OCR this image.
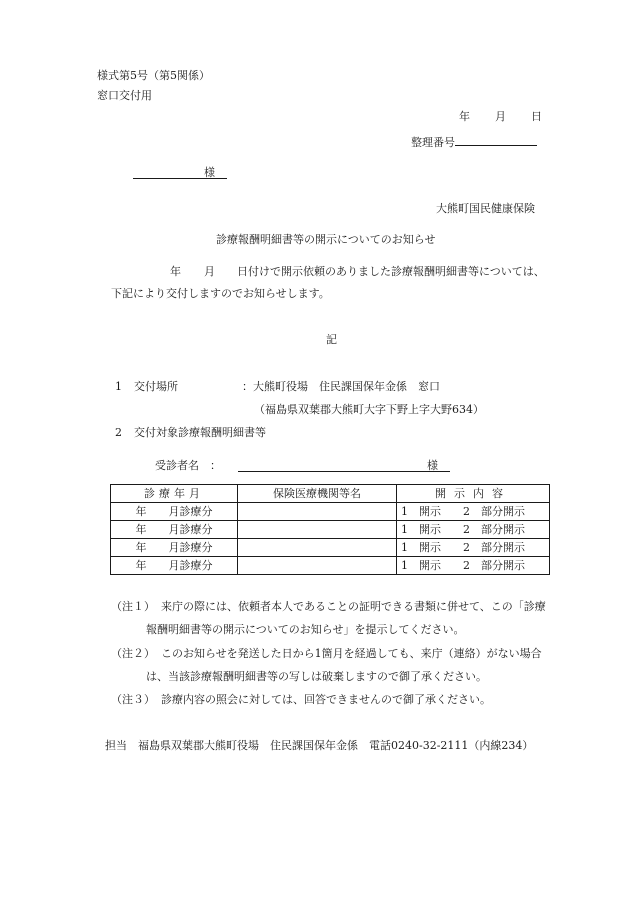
様式第5号（第5関係）
窓口交付用
年 月 日
整理番号
様
大熊町国民健康保険
診療報酬明細書等の開示についてのお知らせ
年 月 日付けで開示依頼のありました診療報酬明細書等については、
下記により交付しますのでお知らせします。
記
1 交付場所	：大熊町役場　住民課国保年金係　窓口
（福島県双葉郡大熊町大字下野上字大野634）
2 交付対象診療報酬明細書等
受診者名　：	様
診療年月	保険医療機関等名	開示内容
年　　月診療分		1　開示　　2　部分開示
年　　月診療分		1　開示　　2　部分開示
年　　月診療分		1　開示　　2　部分開示
年　　月診療分		1　開示　　2　部分開示
（注１） 来庁の際には、依頼者本人であることの証明できる書類に併せて、この「診療
報酬明細書等の開示についてのお知らせ」を提示してください。
（注２） このお知らせを発送した日から1箇月を経過しても、来庁（連絡）がない場合
は、当該診療報酬明細書等の写しは破棄しますので御了承ください。
（注３） 診療内容の照会に対しては、回答できませんので御了承ください。
担当　福島県双葉郡大熊町役場　住民課国保年金係　電話0240-32-2111（内線234）
